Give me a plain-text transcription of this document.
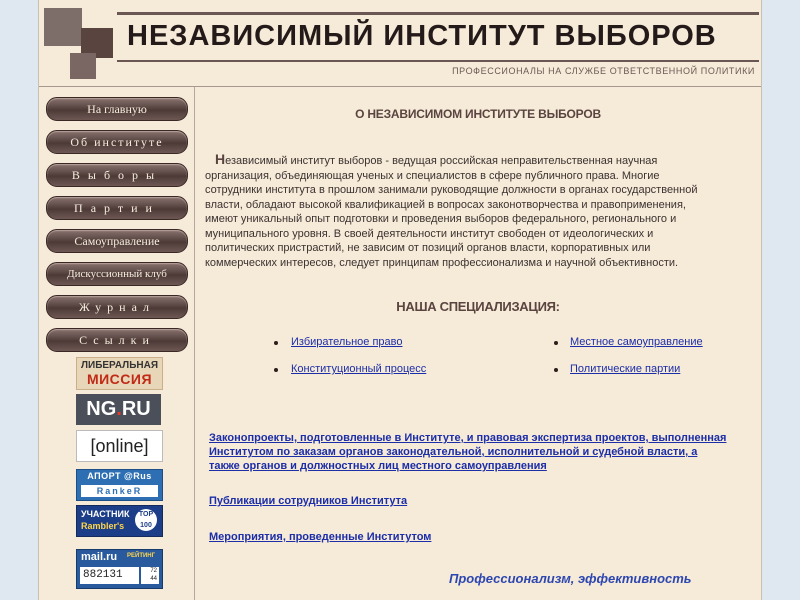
НЕЗАВИСИМЫЙ ИНСТИТУТ ВЫБОРОВ
ПРОФЕССИОНАЛЫ НА СЛУЖБЕ ОТВЕТСТВЕННОЙ ПОЛИТИКИ
На главную
Об институте
Выборы
Партии
Самоуправление
Дискуссионный клуб
Журнал
Ссылки
ЛИБЕРАЛЬНАЯ
МИССИЯ
NG.RU
[online]
АПОРТ @Rus
RankeR
УЧАСТНИК
Rambler's
TOP 100
mail.ru РЕЙТИНГ
882131	72
44
О НЕЗАВИСИМОМ ИНСТИТУТЕ ВЫБОРОВ
Независимый институт выборов - ведущая российская неправительственная научная организация, объединяющая ученых и специалистов в сфере публичного права. Многие сотрудники института в прошлом занимали руководящие должности в органах государственной власти, обладают высокой квалификацией в вопросах законотворчества и правоприменения, имеют уникальный опыт подготовки и проведения выборов федерального, регионального и муниципального уровня. В своей деятельности институт свободен от идеологических и политических пристрастий, не зависим от позиций органов власти, корпоративных или коммерческих интересов, следует принципам профессионализма и научной объективности.
НАША СПЕЦИАЛИЗАЦИЯ:
Избирательное право
Конституционный процесс
Местное самоуправление
Политические партии
Законопроекты, подготовленные в Институте, и правовая экспертиза проектов, выполненная Институтом по заказам органов законодательной, исполнительной и судебной власти, а также органов и должностных лиц местного самоуправления
Публикации сотрудников Института
Мероприятия, проведенные Институтом
Профессионализм, эффективность
